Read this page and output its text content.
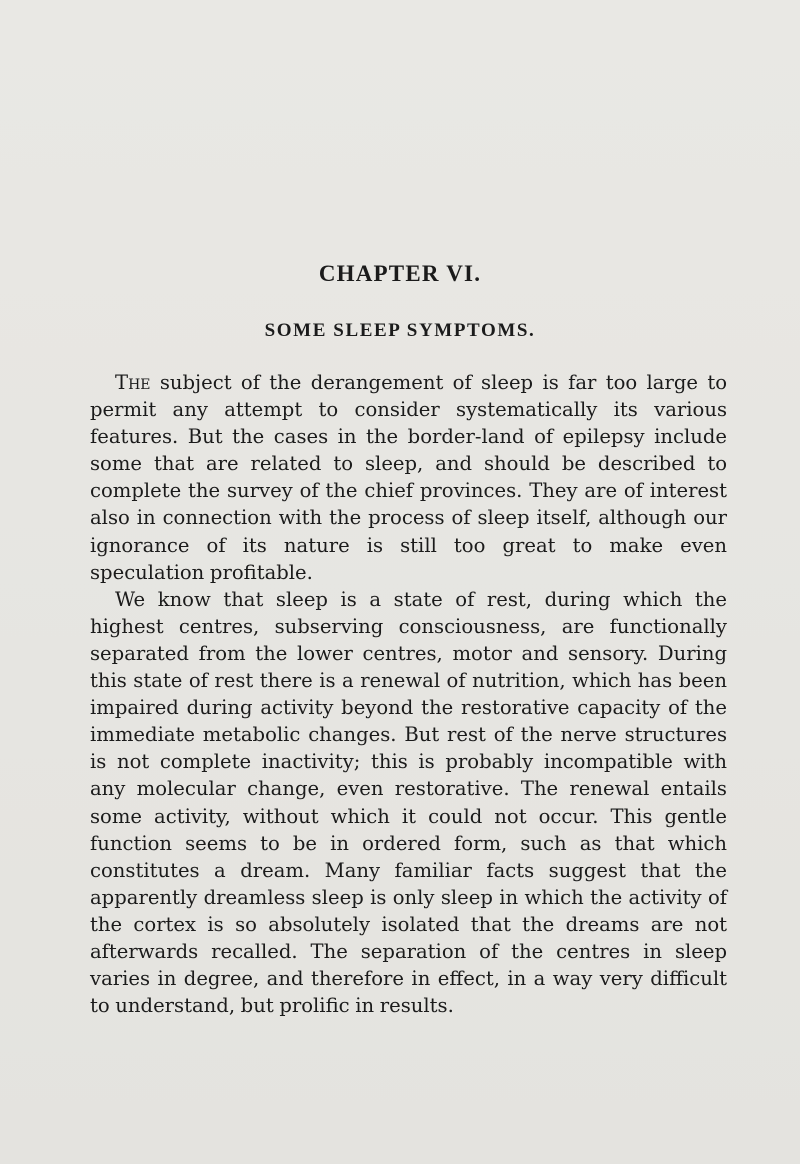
CHAPTER VI.
SOME SLEEP SYMPTOMS.

The subject of the derangement of sleep is far too large to permit any attempt to consider systematically its various features. But the cases in the border-land of epilepsy include some that are related to sleep, and should be described to complete the survey of the chief provinces. They are of interest also in connection with the process of sleep itself, although our ignorance of its nature is still too great to make even speculation profitable.

We know that sleep is a state of rest, during which the highest centres, subserving consciousness, are functionally separated from the lower centres, motor and sensory. During this state of rest there is a renewal of nutrition, which has been impaired during activity beyond the restorative capacity of the immediate metabolic changes. But rest of the nerve structures is not complete inactivity; this is probably incompatible with any molecular change, even restorative. The renewal entails some activity, without which it could not occur. This gentle function seems to be in ordered form, such as that which constitutes a dream. Many familiar facts suggest that the apparently dreamless sleep is only sleep in which the activity of the cortex is so absolutely isolated that the dreams are not afterwards recalled. The separation of the centres in sleep varies in degree, and therefore in effect, in a way very difficult to understand, but prolific in results.
